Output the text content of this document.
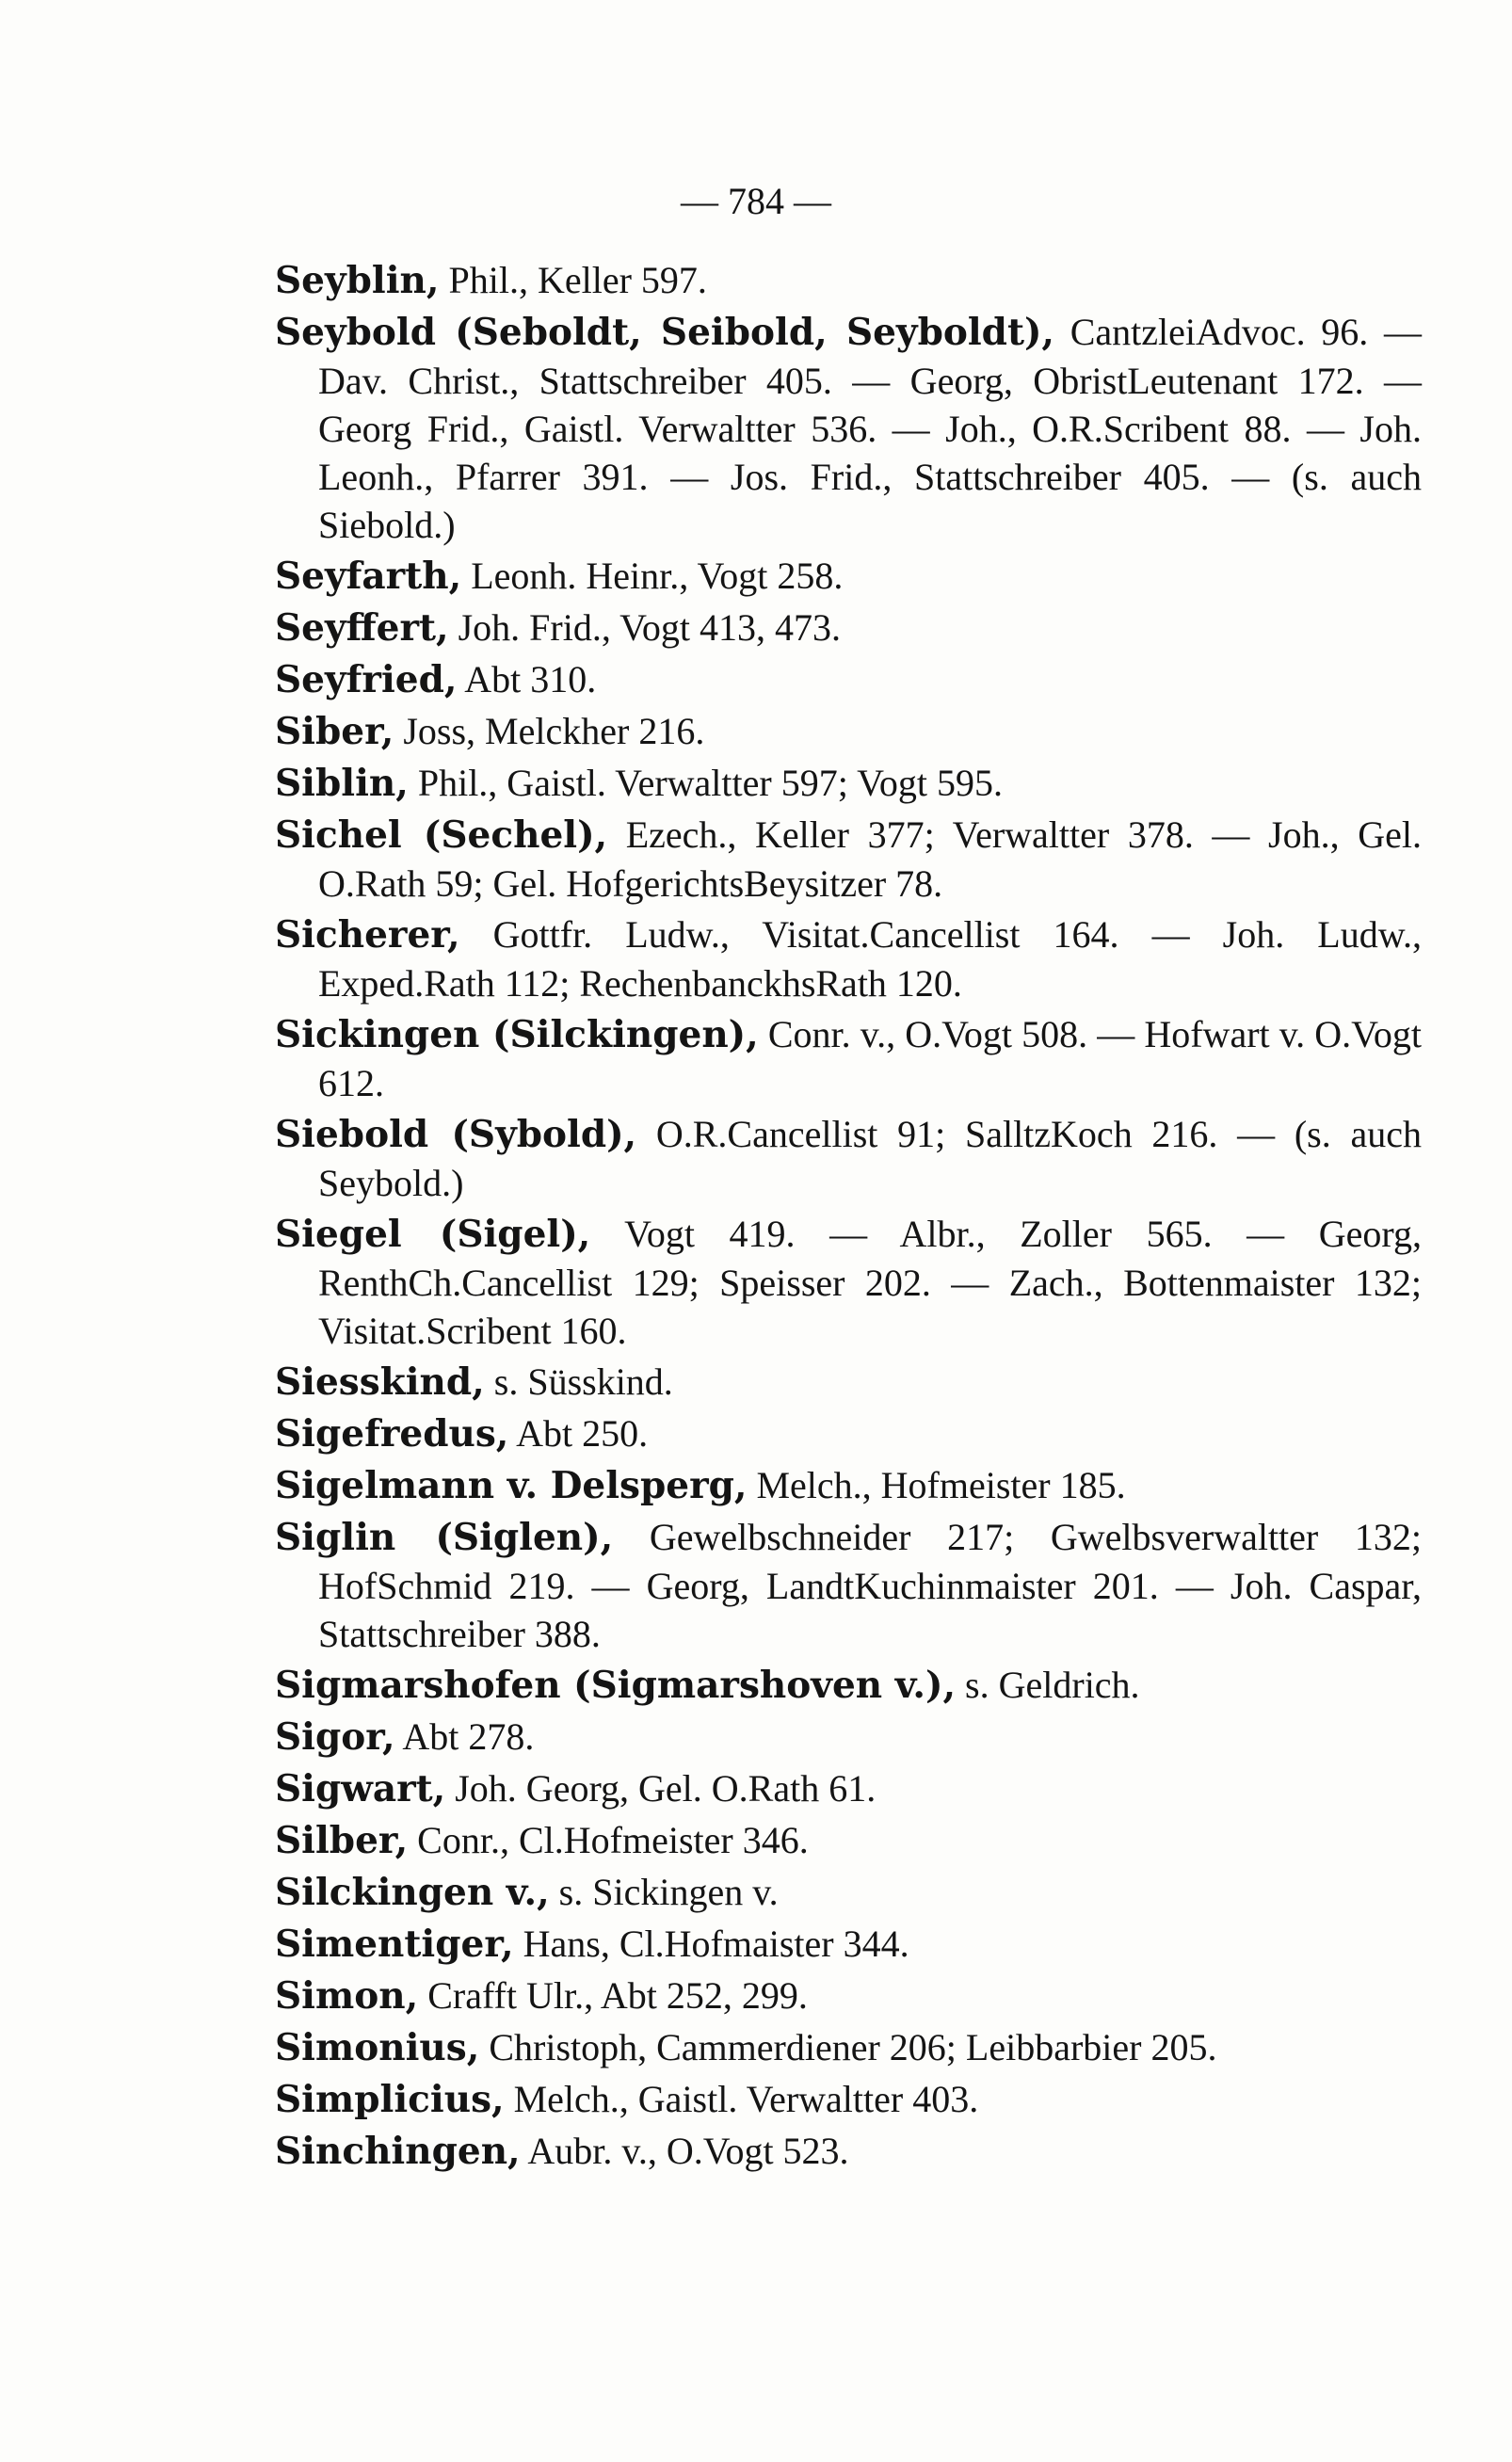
— 784 —
Seyblin, Phil., Keller 597.
Seybold (Seboldt, Seibold, Seyboldt), CantzleiAdvoc. 96. — Dav. Christ., Stattschreiber 405. — Georg, ObristLeutenant 172. — Georg Frid., Gaistl. Verwaltter 536. — Joh., O.R.Scribent 88. — Joh. Leonh., Pfarrer 391. — Jos. Frid., Stattschreiber 405. — (s. auch Siebold.)
Seyfarth, Leonh. Heinr., Vogt 258.
Seyffert, Joh. Frid., Vogt 413, 473.
Seyfried, Abt 310.
Siber, Joss, Melckher 216.
Siblin, Phil., Gaistl. Verwaltter 597; Vogt 595.
Sichel (Sechel), Ezech., Keller 377; Verwaltter 378. — Joh., Gel. O.Rath 59; Gel. HofgerichtsBeysitzer 78.
Sicherer, Gottfr. Ludw., Visitat.Cancellist 164. — Joh. Ludw., Exped.Rath 112; RechenbanckhsRath 120.
Sickingen (Silckingen), Conr. v., O.Vogt 508. — Hofwart v. O.Vogt 612.
Siebold (Sybold), O.R.Cancellist 91; SalltzKoch 216. — (s. auch Seybold.)
Siegel (Sigel), Vogt 419. — Albr., Zoller 565. — Georg, RenthCh.Cancellist 129; Speisser 202. — Zach., Bottenmaister 132; Visitat.Scribent 160.
Siesskind, s. Süsskind.
Sigefredus, Abt 250.
Sigelmann v. Delsperg, Melch., Hofmeister 185.
Siglin (Siglen), Gewelbschneider 217; Gwelbsverwaltter 132; HofSchmid 219. — Georg, LandtKuchinmaister 201. — Joh. Caspar, Stattschreiber 388.
Sigmarshofen (Sigmarshoven v.), s. Geldrich.
Sigor, Abt 278.
Sigwart, Joh. Georg, Gel. O.Rath 61.
Silber, Conr., Cl.Hofmeister 346.
Silckingen v., s. Sickingen v.
Simentiger, Hans, Cl.Hofmaister 344.
Simon, Crafft Ulr., Abt 252, 299.
Simonius, Christoph, Cammerdiener 206; Leibbarbier 205.
Simplicius, Melch., Gaistl. Verwaltter 403.
Sinchingen, Aubr. v., O.Vogt 523.
